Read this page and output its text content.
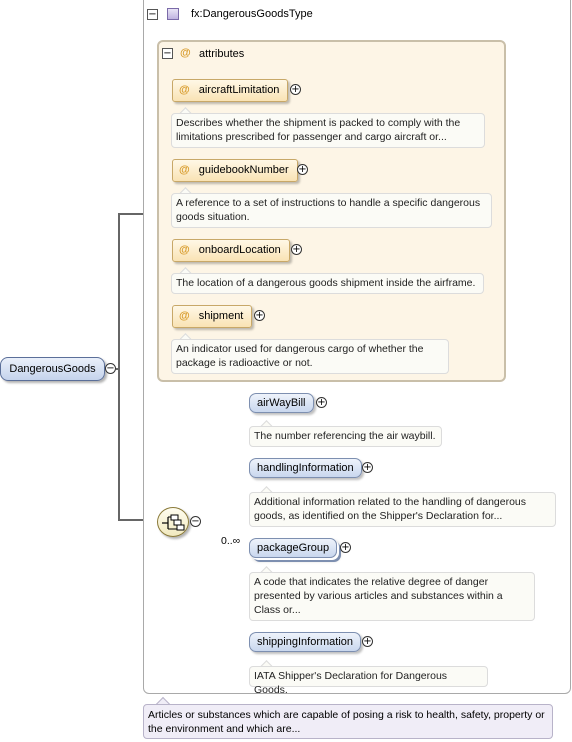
−	fx:DangerousGoodsType
− @ attributes
@ aircraftLimitation	+
Describes whether the shipment is packed to comply with the limitations prescribed for passenger and cargo aircraft or...
@ guidebookNumber +
A reference to a set of instructions to handle a specific dangerous goods situation.
@ onboardLocation	+
The location of a dangerous goods shipment inside the airframe.
@ shipment	+
An indicator used for dangerous cargo of whether the package is radioactive or not.
DangerousGoods	−
−
airWayBill	+
The number referencing the air waybill.
handlingInformation +
Additional information related to the handling of dangerous goods, as identified on the Shipper's Declaration for...
0..∞
packageGroup	+
A code that indicates the relative degree of danger presented by various articles and substances within a Class or...
shippingInformation	+
IATA Shipper's Declaration for Dangerous Goods.
Articles or substances which are capable of posing a risk to health, safety, property or the environment and which are...
